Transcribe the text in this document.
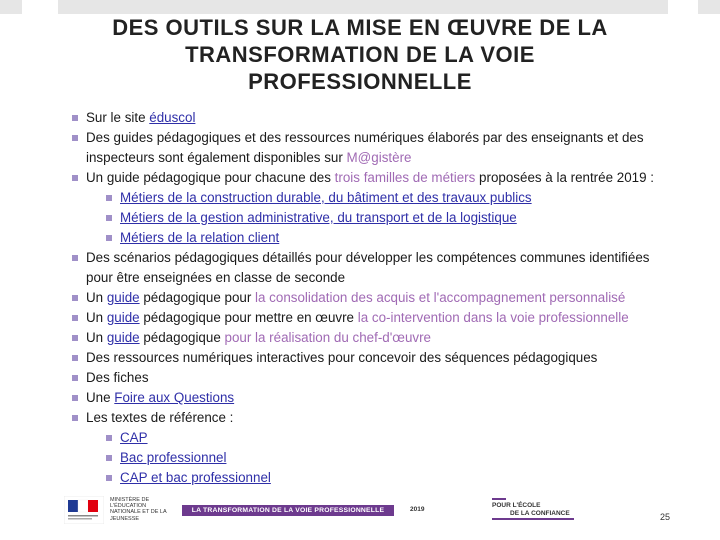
DES OUTILS SUR LA MISE EN ŒUVRE DE LA
TRANSFORMATION DE LA VOIE
PROFESSIONNELLE
Sur le site éduscol
Des guides pédagogiques et des ressources numériques élaborés par des enseignants et des
inspecteurs sont également disponibles sur M@gistère
Un guide pédagogique pour chacune des trois familles de métiers proposées à la rentrée 2019 :
Métiers de la construction durable, du bâtiment et des travaux publics
Métiers de la gestion administrative, du transport et de la logistique
Métiers de la relation client
Des scénarios pédagogiques détaillés pour développer les compétences communes identifiées
pour être enseignées en classe de seconde
Un guide pédagogique pour la consolidation des acquis et l'accompagnement personnalisé
Un guide pédagogique pour mettre en œuvre la co-intervention dans la voie professionnelle
Un guide pédagogique pour la réalisation du chef-d'œuvre
Des ressources numériques interactives pour concevoir des séquences pédagogiques
Des fiches
Une Foire aux Questions
Les textes de référence :
CAP
Bac professionnel
CAP et bac professionnel
MINISTÈRE DE L'ÉDUCATION NATIONALE ET DE LA JEUNESSE
LA TRANSFORMATION DE LA VOIE PROFESSIONNELLE	2019
POUR L'ÉCOLE
DE LA CONFIANCE	25
